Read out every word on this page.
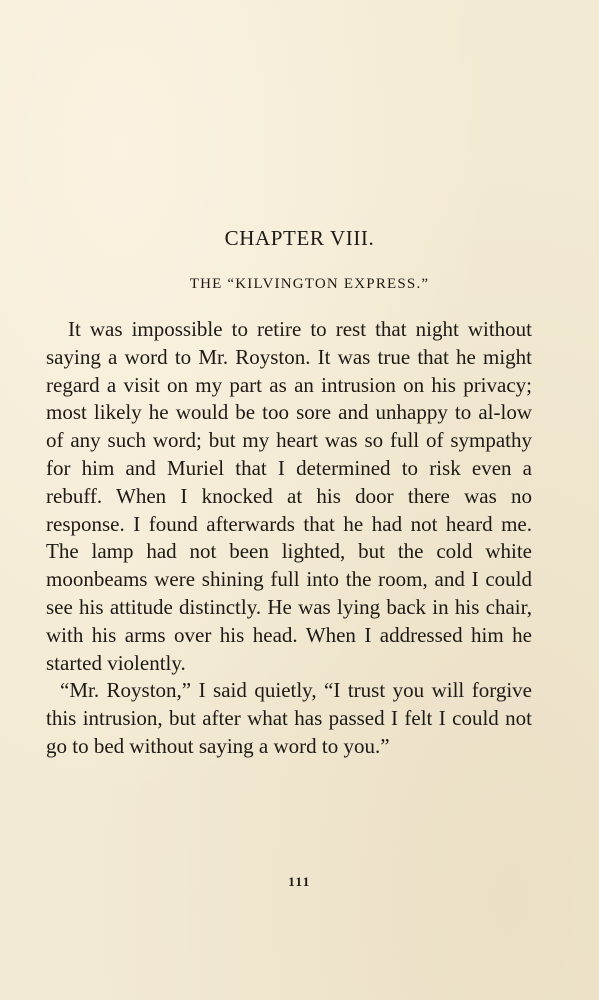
CHAPTER VIII.
THE “KILVINGTON EXPRESS.”

It was impossible to retire to rest that night without saying a word to Mr. Royston. It was true that he might regard a visit on my part as an intrusion on his privacy; most likely he would be too sore and unhappy to al-low of any such word; but my heart was so full of sympathy for him and Muriel that I determined to risk even a rebuff. When I knocked at his door there was no response. I found afterwards that he had not heard me. The lamp had not been lighted, but the cold white moonbeams were shining full into the room, and I could see his attitude distinctly. He was lying back in his chair, with his arms over his head. When I addressed him he started violently.

“Mr. Royston,” I said quietly, “I trust you will forgive this intrusion, but after what has passed I felt I could not go to bed without saying a word to you.”

111
